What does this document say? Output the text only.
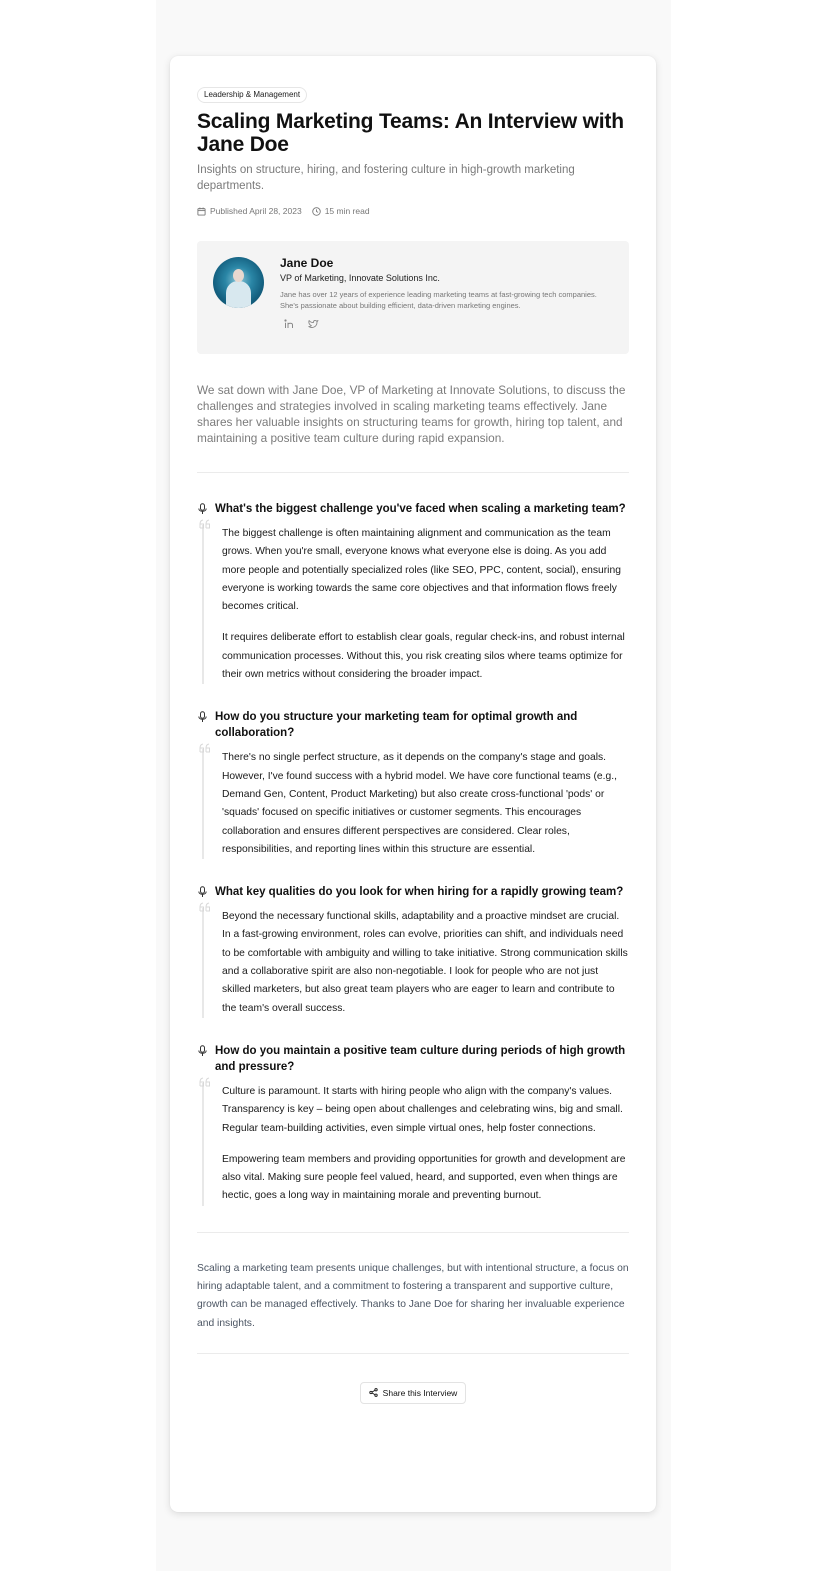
Leadership & Management
Scaling Marketing Teams: An Interview with Jane Doe
Insights on structure, hiring, and fostering culture in high-growth marketing departments.
Published April 28, 2023	15 min read
Jane Doe
VP of Marketing, Innovate Solutions Inc.
Jane has over 12 years of experience leading marketing teams at fast-growing tech companies. She's passionate about building efficient, data-driven marketing engines.
We sat down with Jane Doe, VP of Marketing at Innovate Solutions, to discuss the challenges and strategies involved in scaling marketing teams effectively. Jane shares her valuable insights on structuring teams for growth, hiring top talent, and maintaining a positive team culture during rapid expansion.
What's the biggest challenge you've faced when scaling a marketing team?

The biggest challenge is often maintaining alignment and communication as the team grows. When you're small, everyone knows what everyone else is doing. As you add more people and potentially specialized roles (like SEO, PPC, content, social), ensuring everyone is working towards the same core objectives and that information flows freely becomes critical.

It requires deliberate effort to establish clear goals, regular check-ins, and robust internal communication processes. Without this, you risk creating silos where teams optimize for their own metrics without considering the broader impact.

How do you structure your marketing team for optimal growth and collaboration?

There's no single perfect structure, as it depends on the company's stage and goals. However, I've found success with a hybrid model. We have core functional teams (e.g., Demand Gen, Content, Product Marketing) but also create cross-functional 'pods' or 'squads' focused on specific initiatives or customer segments. This encourages collaboration and ensures different perspectives are considered. Clear roles, responsibilities, and reporting lines within this structure are essential.

What key qualities do you look for when hiring for a rapidly growing team?

Beyond the necessary functional skills, adaptability and a proactive mindset are crucial. In a fast-growing environment, roles can evolve, priorities can shift, and individuals need to be comfortable with ambiguity and willing to take initiative. Strong communication skills and a collaborative spirit are also non-negotiable. I look for people who are not just skilled marketers, but also great team players who are eager to learn and contribute to the team's overall success.

How do you maintain a positive team culture during periods of high growth and pressure?

Culture is paramount. It starts with hiring people who align with the company's values. Transparency is key – being open about challenges and celebrating wins, big and small. Regular team-building activities, even simple virtual ones, help foster connections.

Empowering team members and providing opportunities for growth and development are also vital. Making sure people feel valued, heard, and supported, even when things are hectic, goes a long way in maintaining morale and preventing burnout.

Scaling a marketing team presents unique challenges, but with intentional structure, a focus on hiring adaptable talent, and a commitment to fostering a transparent and supportive culture, growth can be managed effectively. Thanks to Jane Doe for sharing her invaluable experience and insights.
Share this Interview
